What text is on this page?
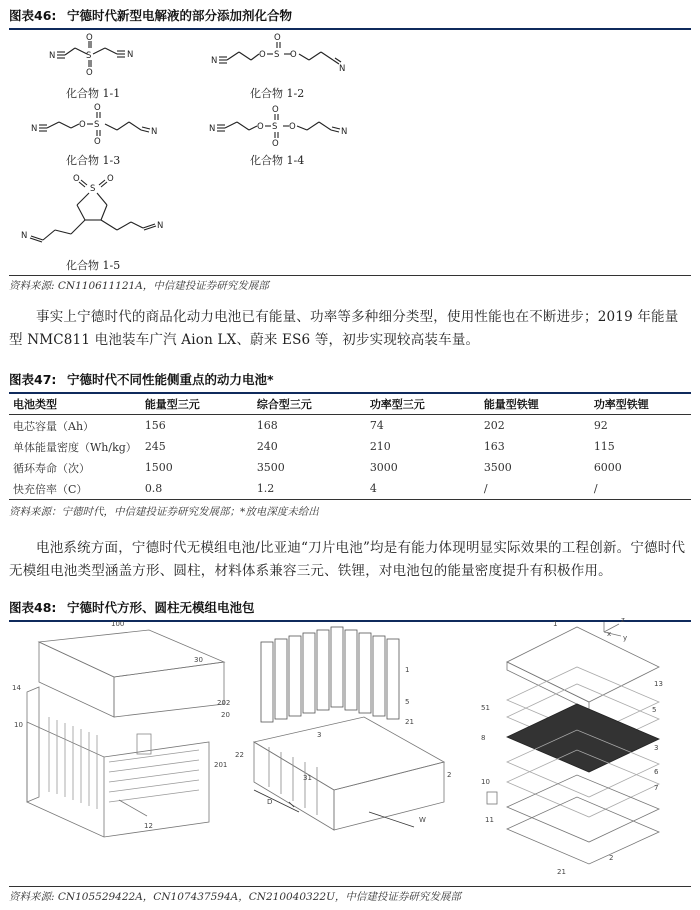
图表46: 宁德时代新型电解液的部分添加剂化合物
N	N
S
O
O
N
O S
O
O
N
N	O S
O
O
N	N	O S
O
O
O	N
S
O	O
N
N
化合物 1-1	化合物 1-2
化合物 1-3	化合物 1-4
化合物 1-5
资料来源: CN110611121A，中信建投证券研究发展部
事实上宁德时代的商品化动力电池已有能量、功率等多种细分类型，使用性能也在不断进步；2019 年能量型 NMC811 电池装车广汽 Aion LX、蔚来 ES6 等，初步实现较高装车量。
图表47: 宁德时代不同性能侧重点的动力电池*
电池类型	能量型三元	综合型三元	功率型三元	能量型铁锂	功率型铁锂
电芯容量（Ah）	156	168	74	202	92
单体能量密度（Wh/kg）	245	240	210	163	115
循环寿命（次）	1500	3500	3000	3500	6000
快充倍率（C）	0.8	1.2	4	/	/
资料来源：宁德时代，中信建投证券研究发展部；*放电深度未给出
电池系统方面，宁德时代无模组电池/比亚迪“刀片电池”均是有能力体现明显实际效果的工程创新。宁德时代无模组电池类型涵盖方形、圆柱，材料体系兼容三元、铁锂，对电池包的能量密度提升有积极作用。
图表48: 宁德时代方形、圆柱无模组电池包
100
30
14
10
202
20
201
12
1
5
21
3
22
31	2
D
W
1
13
51	5
8
3
6
7
10
11
2
21
z
x y
资料来源: CN105529422A，CN107437594A，CN210040322U，中信建投证券研究发展部
